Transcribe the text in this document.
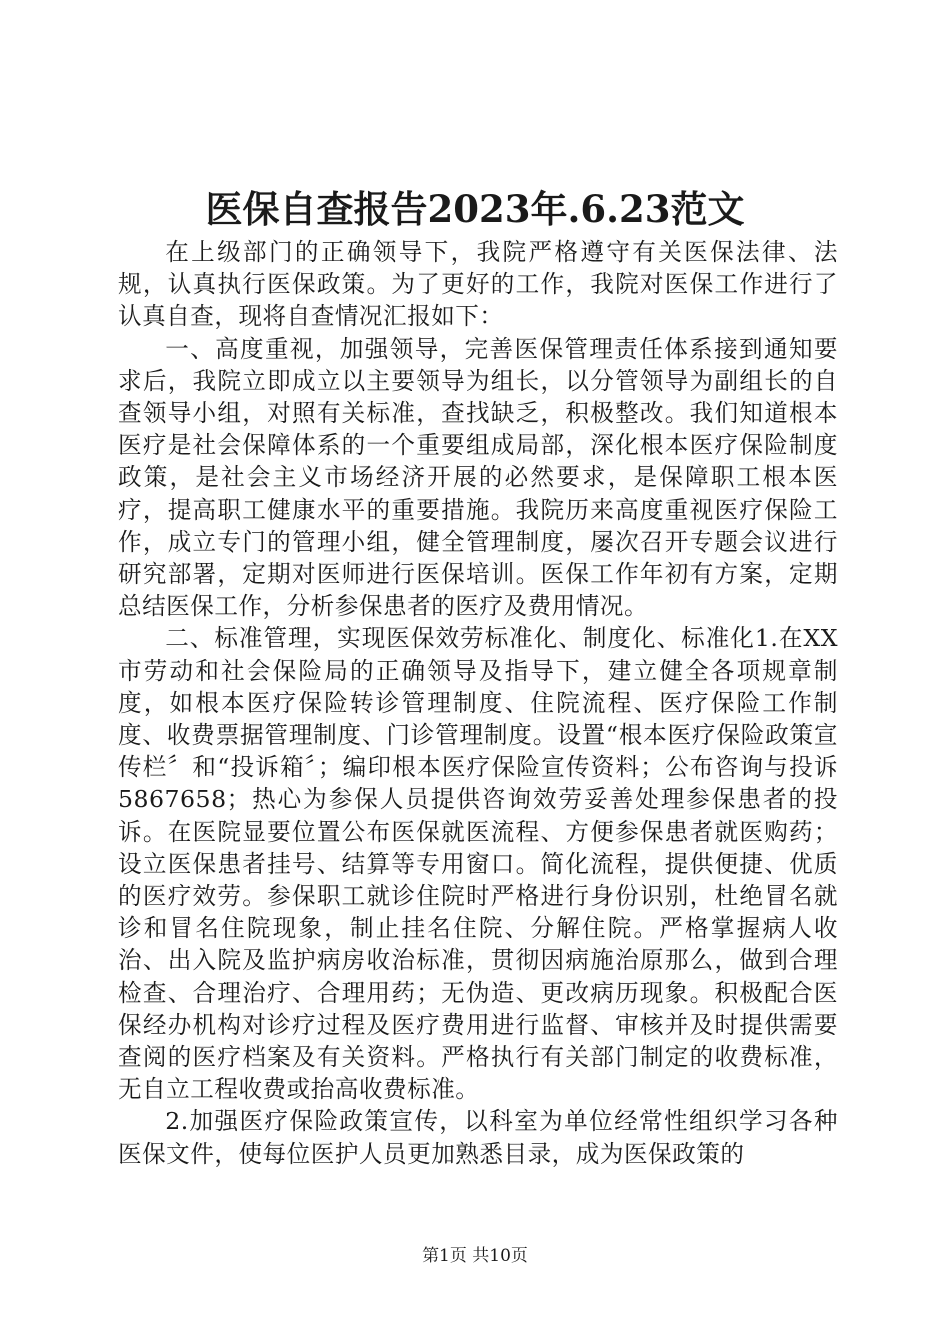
医保自查报告2023年.6.23范文

在上级部门的正确领导下，我院严格遵守有关医保法律、法规，认真执行医保政策。为了更好的工作，我院对医保工作进行了认真自查，现将自查情况汇报如下：

一、高度重视，加强领导，完善医保管理责任体系接到通知要求后，我院立即成立以主要领导为组长，以分管领导为副组长的自查领导小组，对照有关标准，查找缺乏，积极整改。我们知道根本医疗是社会保障体系的一个重要组成局部，深化根本医疗保险制度政策，是社会主义市场经济开展的必然要求，是保障职工根本医疗，提高职工健康水平的重要措施。我院历来高度重视医疗保险工作，成立专门的管理小组，健全管理制度，屡次召开专题会议进行研究部署，定期对医师进行医保培训。医保工作年初有方案，定期总结医保工作，分析参保患者的医疗及费用情况。

二、标准管理，实现医保效劳标准化、制度化、标准化1.在XX市劳动和社会保险局的正确领导及指导下，建立健全各项规章制度，如根本医疗保险转诊管理制度、住院流程、医疗保险工作制度、收费票据管理制度、门诊管理制度。设置“根本医疗保险政策宣传栏〞和“投诉箱〞；编印根本医疗保险宣传资料；公布咨询与投诉　 5867658；热心为参保人员提供咨询效劳妥善处理参保患者的投诉。在医院显要位置公布医保就医流程、方便参保患者就医购药；设立医保患者挂号、结算等专用窗口。简化流程，提供便捷、优质的医疗效劳。参保职工就诊住院时严格进行身份识别，杜绝冒名就诊和冒名住院现象，制止挂名住院、分解住院。严格掌握病人收治、出入院及监护病房收治标准，贯彻因病施治原那么，做到合理检查、合理治疗、合理用药；无伪造、更改病历现象。积极配合医保经办机构对诊疗过程及医疗费用进行监督、审核并及时提供需要查阅的医疗档案及有关资料。严格执行有关部门制定的收费标准，无自立工程收费或抬高收费标准。

2.加强医疗保险政策宣传，以科室为单位经常性组织学习各种医保文件，使每位医护人员更加熟悉目录，成为医保政策的

第1页 共10页
